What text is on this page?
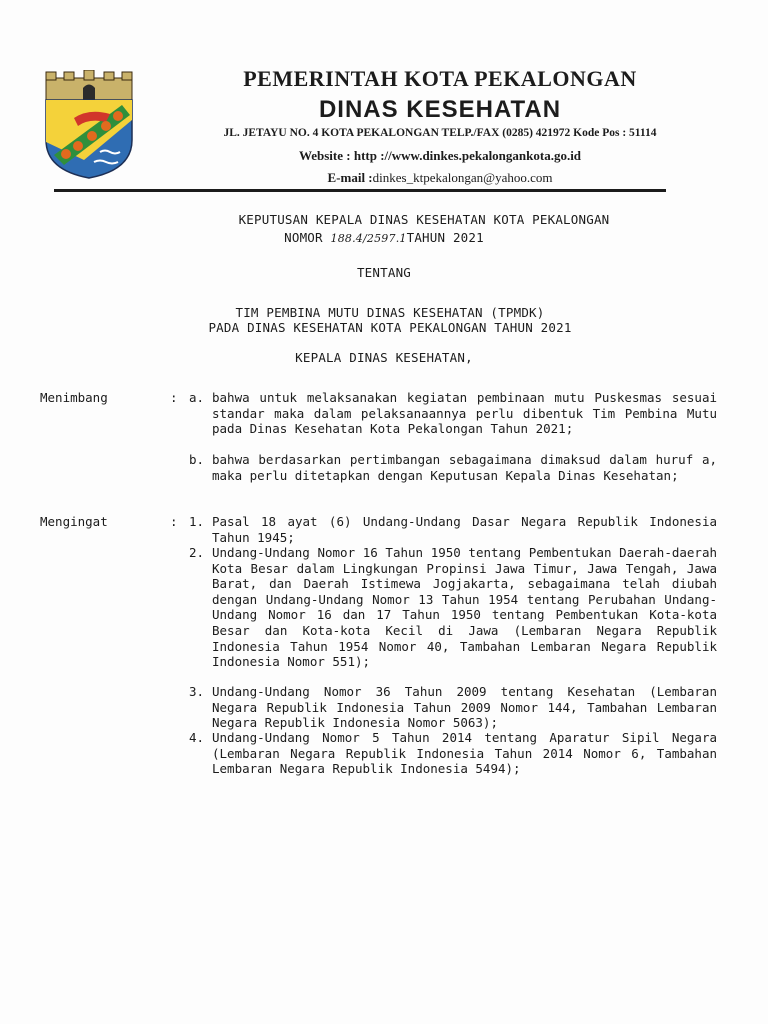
PEMERINTAH KOTA PEKALONGAN
DINAS KESEHATAN
JL. JETAYU NO. 4 KOTA PEKALONGAN TELP./FAX (0285) 421972 Kode Pos : 51114
Website : http ://www.dinkes.pekalongankota.go.id
E-mail :dinkes_ktpekalongan@yahoo.com
KEPUTUSAN KEPALA DINAS KESEHATAN KOTA PEKALONGAN
NOMOR 188.4/2597.1TAHUN 2021
TENTANG
TIM PEMBINA MUTU DINAS KESEHATAN (TPMDK)
PADA DINAS KESEHATAN KOTA PEKALONGAN TAHUN 2021
KEPALA DINAS KESEHATAN,
Menimbang	: a. bahwa untuk melaksanakan kegiatan pembinaan mutu Puskesmas sesuai standar maka dalam pelaksanaannya perlu dibentuk Tim Pembina Mutu pada Dinas Kesehatan Kota Pekalongan Tahun 2021;
b. bahwa berdasarkan pertimbangan sebagaimana dimaksud dalam huruf a, maka perlu ditetapkan dengan Keputusan Kepala Dinas Kesehatan;
Mengingat	: 1. Pasal 18 ayat (6) Undang-Undang Dasar Negara Republik Indonesia Tahun 1945;
2. Undang-Undang Nomor 16 Tahun 1950 tentang Pembentukan Daerah-daerah Kota Besar dalam Lingkungan Propinsi Jawa Timur, Jawa Tengah, Jawa Barat, dan Daerah Istimewa Jogjakarta, sebagaimana telah diubah dengan Undang-Undang Nomor 13 Tahun 1954 tentang Perubahan Undang-Undang Nomor 16 dan 17 Tahun 1950 tentang Pembentukan Kota-kota Besar dan Kota-kota Kecil di Jawa (Lembaran Negara Republik Indonesia Tahun 1954 Nomor 40, Tambahan Lembaran Negara Republik Indonesia Nomor 551);
3. Undang-Undang Nomor 36 Tahun 2009 tentang Kesehatan (Lembaran Negara Republik Indonesia Tahun 2009 Nomor 144, Tambahan Lembaran Negara Republik Indonesia Nomor 5063);
4. Undang-Undang Nomor 5 Tahun 2014 tentang Aparatur Sipil Negara (Lembaran Negara Republik Indonesia Tahun 2014 Nomor 6, Tambahan Lembaran Negara Republik Indonesia 5494);
